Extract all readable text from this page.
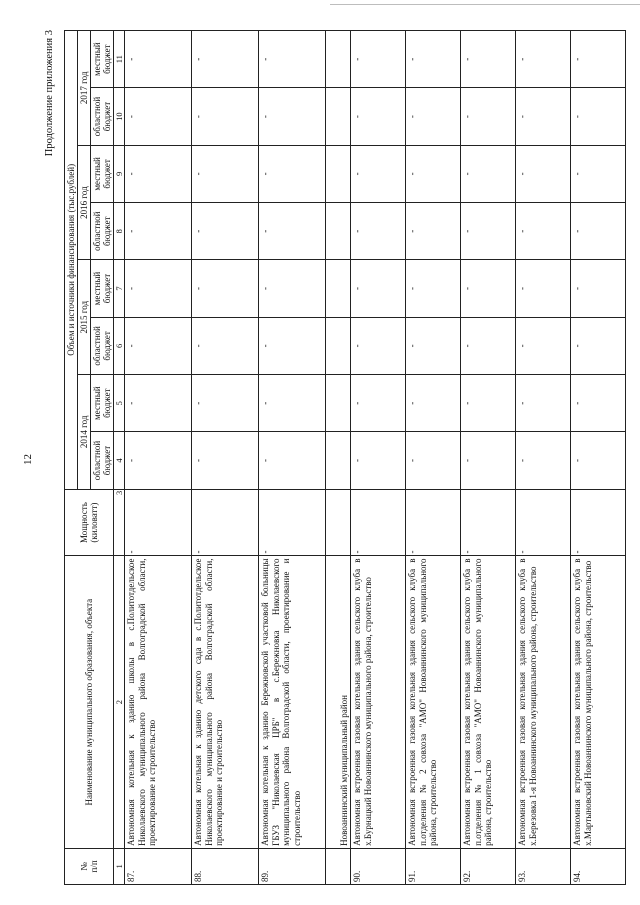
12
Продолжение приложения 3
№
п/п	Наименование муниципального образования, объекта	Мощность (киловатт)	Объем и источники финансирования (тыс.рублей)							
			2014 год		2015 год		2016 год		2017 год	
			областной бюджет	местный бюджет	областной бюджет	местный бюджет	областной бюджет	местный бюджет	областной бюджет	местный бюджет
1	2	3	4	5	6	7	8	9	10	11
87.	Автономная котельная к зданию школы в с.Политотдельское Николаевского муниципального района Волгоградской области, проектирование и строительство	-	-	-	-	-	-	-	-	-
88.	Автономная котельная к зданию детского сада в с.Политотдельское Николаевского муниципального района Волгоградской области, проектирование и строительство	-	-	-	-	-	-	-	-	-
89.	Автономная котельная к зданию Бережновской участковой больницы ГБУЗ "Николаевская ЦРБ" в с.Бережновка Николаевского муниципального района Волгоградской области, проектирование и строительство	-	-	-	-	-	-	-	-	-
	Новоаннинский муниципальный район									
90.	Автономная встроенная газовая котельная здания сельского клуба в х.Бурнацкий Новоаннинского муниципального района, строительство	-	-	-	-	-	-	-	-	-
91.	Автономная встроенная газовая котельная здания сельского клуба в п.отделения № 2 совхоза "АМО" Новоаннинского муниципального района, строительство	-	-	-	-	-	-	-	-	-
92.	Автономная встроенная газовая котельная здания сельского клуба в п.отделения № 1 совхоза "АМО" Новоаннинского муниципального района, строительство	-	-	-	-	-	-	-	-	-
93.	Автономная встроенная газовая котельная здания сельского клуба в х.Березовка 1-я Новоаннинского муниципального района, строительство	-	-	-	-	-	-	-	-	-
94.	Автономная встроенная газовая котельная здания сельского клуба в х.Мартыновский Новоаннинского муниципального района, строительство	-	-	-	-	-	-	-	-	-
